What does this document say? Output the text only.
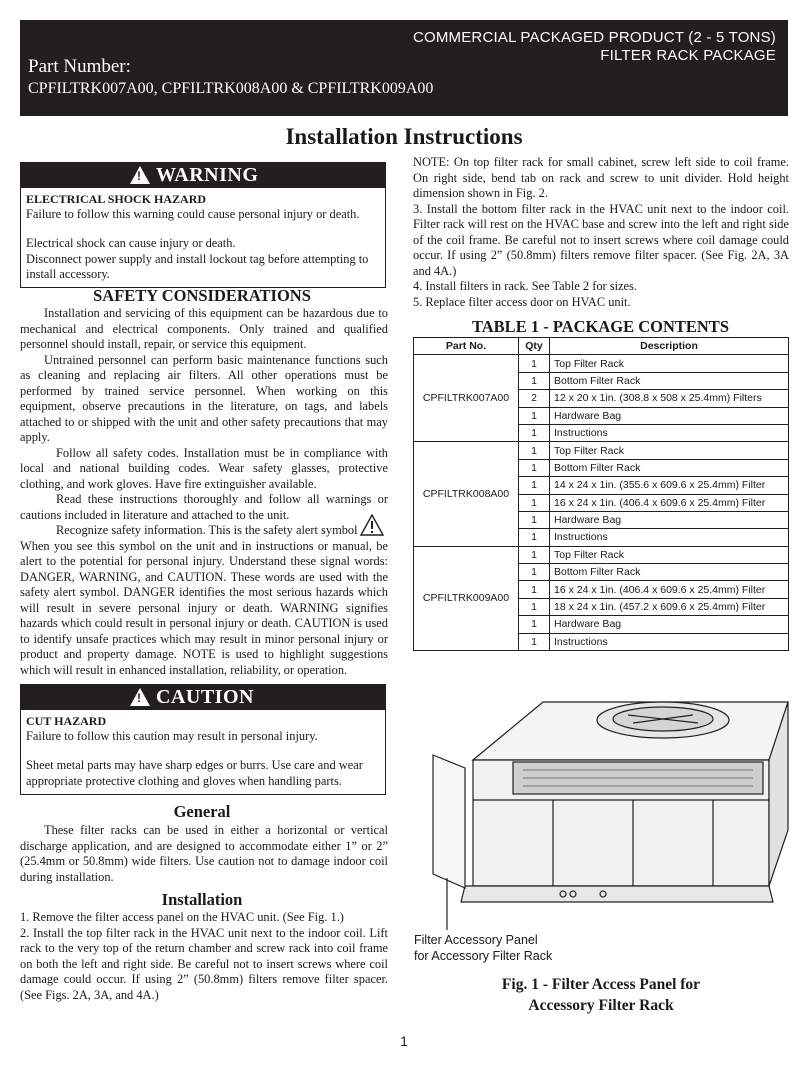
COMMERCIAL PACKAGED PRODUCT (2 - 5 TONS)
FILTER RACK PACKAGE
Part Number:
CPFILTRK007A00, CPFILTRK008A00 & CPFILTRK009A00
Installation Instructions
! WARNING
ELECTRICAL SHOCK HAZARD
Failure to follow this warning could cause personal injury or death.
Electrical shock can cause injury or death.
Disconnect power supply and install lockout tag before attempting to install accessory.
SAFETY CONSIDERATIONS

Installation and servicing of this equipment can be hazardous due to mechanical and electrical components. Only trained and qualified personnel should install, repair, or service this equipment.

Untrained personnel can perform basic maintenance functions such as cleaning and replacing air filters. All other operations must be performed by trained service personnel. When working on this equipment, observe precautions in the literature, on tags, and labels attached to or shipped with the unit and other safety precautions that may apply.

Follow all safety codes. Installation must be in compliance with local and national building codes. Wear safety glasses, protective clothing, and work gloves. Have fire extinguisher available.

Read these instructions thoroughly and follow all warnings or cautions included in literature and attached to the unit.

Recognize safety information. This is the safety alert symbol

When you see this symbol on the unit and in instructions or manual, be alert to the potential for personal injury. Understand these signal words: DANGER, WARNING, and CAUTION. These words are used with the safety alert symbol. DANGER identifies the most serious hazards which will result in severe personal injury or death. WARNING signifies hazards which could result in personal injury or death. CAUTION is used to identify unsafe practices which may result in minor personal injury or product and property damage. NOTE is used to highlight suggestions which will result in enhanced installation, reliability, or operation.

! CAUTION
CUT HAZARD
Failure to follow this caution may result in personal injury.
Sheet metal parts may have sharp edges or burrs. Use care and wear appropriate protective clothing and gloves when handling parts.
General

These filter racks can be used in either a horizontal or vertical discharge application, and are designed to accommodate either 1” or 2” (25.4mm or 50.8mm) wide filters. Use caution not to damage indoor coil during installation.

Installation

1. Remove the filter access panel on the HVAC unit. (See Fig. 1.)

2. Install the top filter rack in the HVAC unit next to the indoor coil. Lift rack to the very top of the return chamber and screw rack into coil frame on both the left and right side. Be careful not to insert screws where coil damage could occur. If using 2” (50.8mm) filters remove filter spacer. (See Figs. 2A, 3A, and 4A.)

NOTE: On top filter rack for small cabinet, screw left side to coil frame. On right side, bend tab on rack and screw to unit divider. Hold height dimension shown in Fig. 2.

3. Install the bottom filter rack in the HVAC unit next to the indoor coil. Filter rack will rest on the HVAC base and screw into the left and right side of the coil frame. Be careful not to insert screws where coil damage could occur. If using 2” (50.8mm) filters remove filter spacer. (See Fig. 2A, 3A and 4A.)

4. Install filters in rack. See Table 2 for sizes.

5. Replace filter access door on HVAC unit.

TABLE 1 - PACKAGE CONTENTS
Part No.	Qty	Description
CPFILTRK007A00	1	Top Filter Rack
	1	Bottom Filter Rack
	2	12 x 20 x 1in. (308.8 x 508 x 25.4mm) Filters
	1	Hardware Bag
	1	Instructions
CPFILTRK008A00	1	Top Filter Rack
	1	Bottom Filter Rack
	1	14 x 24 x 1in. (355.6 x 609.6 x 25.4mm) Filter
	1	16 x 24 x 1in. (406.4 x 609.6 x 25.4mm) Filter
	1	Hardware Bag
	1	Instructions
CPFILTRK009A00	1	Top Filter Rack
	1	Bottom Filter Rack
	1	16 x 24 x 1in. (406.4 x 609.6 x 25.4mm) Filter
	1	18 x 24 x 1in. (457.2 x 609.6 x 25.4mm) Filter
	1	Hardware Bag
	1	Instructions
Filter Accessory Panel
for Accessory Filter Rack
Fig. 1 - Filter Access Panel for
Accessory Filter Rack
1
